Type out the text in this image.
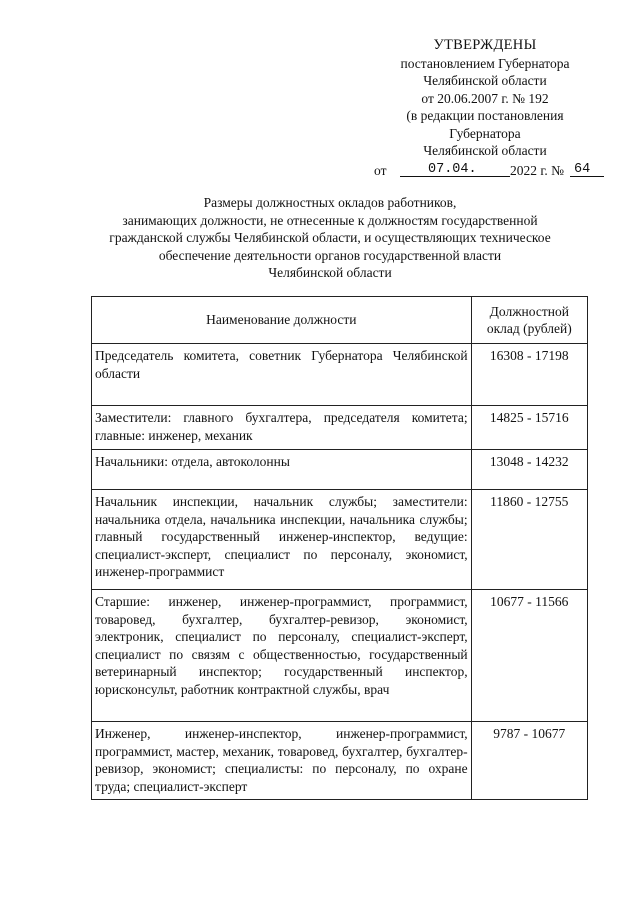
УТВЕРЖДЕНЫ
постановлением Губернатора
Челябинской области
от 20.06.2007 г. № 192
(в редакции постановления
Губернатора
Челябинской области
от	07.04. 2022 г. № 64
Размеры должностных окладов работников,
занимающих должности, не отнесенные к должностям государственной
гражданской службы Челябинской области, и осуществляющих техническое
обеспечение деятельности органов государственной власти
Челябинской области
Наименование должности	Должностной оклад (рублей)
Председатель комитета, советник Губернатора Челябинской области	16308 - 17198
Заместители: главного бухгалтера, председателя комитета; главные: инженер, механик	14825 - 15716
Начальники: отдела, автоколонны	13048 - 14232
Начальник инспекции, начальник службы; заместители: начальника отдела, начальника инспекции, начальника службы; главный государственный инженер-инспектор, ведущие: специалист-эксперт, специалист по персоналу, экономист, инженер-программист	11860 - 12755
Старшие: инженер, инженер-программист, программист, товаровед, бухгалтер, бухгалтер-ревизор, экономист, электроник, специалист по персоналу, специалист-эксперт, специалист по связям с общественностью, государственный ветеринарный инспектор; государственный инспектор, юрисконсульт, работник контрактной службы, врач	10677 - 11566
Инженер, инженер-инспектор, инженер-программист, программист, мастер, механик, товаровед, бухгалтер, бухгалтер-ревизор, экономист; специалисты: по персоналу, по охране труда; специалист-эксперт	9787 - 10677
